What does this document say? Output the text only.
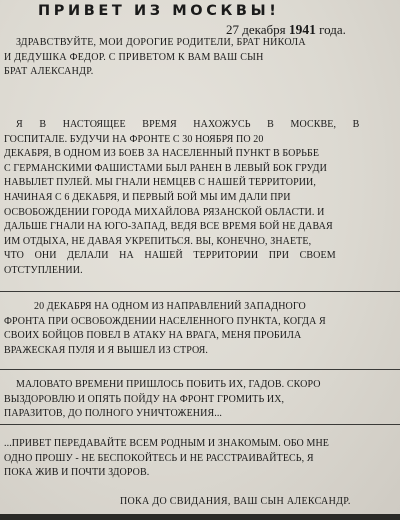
ПРИВЕТ ИЗ МОСКВЫ!
27 декабря 1941 года.
ЗДРАВСТВУЙТЕ, МОИ ДОРОГИЕ РОДИТЕЛИ, БРАТ НИКОЛА
И ДЕДУШКА ФЕДОР. С ПРИВЕТОМ К ВАМ ВАШ СЫН
БРАТ АЛЕКСАНДР.
Я В НАСТОЯЩЕЕ ВРЕМЯ НАХОЖУСЬ В МОСКВЕ, В
ГОСПИТАЛЕ. БУДУЧИ НА ФРОНТЕ С 30 НОЯБРЯ ПО 20
ДЕКАБРЯ, В ОДНОМ ИЗ БОЕВ ЗА НАСЕЛЕННЫЙ ПУНКТ В БОРЬБЕ
С ГЕРМАНСКИМИ ФАШИСТАМИ БЫЛ РАНЕН В ЛЕВЫЙ БОК ГРУДИ
НАВЫЛЕТ ПУЛЕЙ. МЫ ГНАЛИ НЕМЦЕВ С НАШЕЙ ТЕРРИТОРИИ,
НАЧИНАЯ С 6 ДЕКАБРЯ, И ПЕРВЫЙ БОЙ МЫ ИМ ДАЛИ ПРИ
ОСВОБОЖДЕНИИ ГОРОДА МИХАЙЛОВА РЯЗАНСКОЙ ОБЛАСТИ. И
ДАЛЬШЕ ГНАЛИ НА ЮГО-ЗАПАД, ВЕДЯ ВСЕ ВРЕМЯ БОЙ НЕ ДАВАЯ
ИМ ОТДЫХА, НЕ ДАВАЯ УКРЕПИТЬСЯ. ВЫ, КОНЕЧНО, ЗНАЕТЕ,
ЧТО ОНИ ДЕЛАЛИ НА НАШЕЙ ТЕРРИТОРИИ ПРИ СВОЕМ
ОТСТУПЛЕНИИ.
20 ДЕКАБРЯ НА ОДНОМ ИЗ НАПРАВЛЕНИЙ ЗАПАДНОГО
ФРОНТА ПРИ ОСВОБОЖДЕНИИ НАСЕЛЕННОГО ПУНКТА, КОГДА Я
СВОИХ БОЙЦОВ ПОВЕЛ В АТАКУ НА ВРАГА, МЕНЯ ПРОБИЛА
ВРАЖЕСКАЯ ПУЛЯ И Я ВЫШЕЛ ИЗ СТРОЯ.
МАЛОВАТО ВРЕМЕНИ ПРИШЛОСЬ ПОБИТЬ ИХ, ГАДОВ. СКОРО
ВЫЗДОРОВЛЮ И ОПЯТЬ ПОЙДУ НА ФРОНТ ГРОМИТЬ ИХ,
ПАРАЗИТОВ, ДО ПОЛНОГО УНИЧТОЖЕНИЯ...
...ПРИВЕТ ПЕРЕДАВАЙТЕ ВСЕМ РОДНЫМ И ЗНАКОМЫМ. ОБО МНЕ
ОДНО ПРОШУ - НЕ БЕСПОКОЙТЕСЬ И НЕ РАССТРАИВАЙТЕСЬ, Я
ПОКА ЖИВ И ПОЧТИ ЗДОРОВ.
ПОКА ДО СВИДАНИЯ, ВАШ СЫН АЛЕКСАНДР.
